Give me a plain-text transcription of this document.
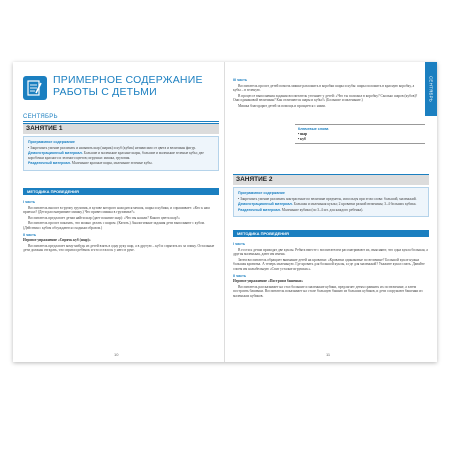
ПРИМЕРНОЕ СОДЕРЖАНИЕ РАБОТЫ С ДЕТЬМИ
СЕНТЯБРЬ
ЗАНЯТИЕ 1

Программное содержание

• Закреплять умение различать и называть шар (шарик) и куб (кубик) независимо от цвета и величины фигур.

Демонстрационный материал. Большие и маленькие красные шары, большие и маленькие зеленые кубы; две коробочки красного и зеленого цветов; игрушки: мишка, грузовик.

Раздаточный материал. Маленькие красные шары, маленькие зеленые кубы.

МЕТОДИКА ПРОВЕДЕНИЯ

I часть

Воспитатель вносит в группу грузовик, в кузове которого находятся мешок, шары и кубики, и спрашивает: «Кто к нам приехал? (Дети рассматривают мишку.) Что привез мишка в грузовике?»

Воспитатель предлагает детям найти шар (дает понятие шар): «Что вы нашли? Какого цвета шар?»

Воспитатель просит показать, что можно делать с шаром. (Катать.) Аналогичные задания дети выполняют с кубом. (Действия с кубом обсуждаются сходным образом.)

II часть

Игровое упражнение «Спрячь куб (шар)»

Воспитатель предлагает кому-нибудь из детей взять в одну руку шар, а в другую – куб и спрятать их за спину. Остальные дети должны отгадать, что спрятал ребенок и что осталось у него в руке.

10
СЕНТЯБРЬ

III часть

Воспитатель просит детей помочь мишке разложить в коробки шары и кубы: шары положить в красную коробку, а кубы – в зеленую.

В процессе выполнения задания воспитатель уточняет у детей: «Что ты положил в коробку? Сколько шаров (кубов)? Они одинаковой величины? Как отличаются шары и кубы?» (Большие и маленькие.)

Мишка благодарит детей за помощь и прощается с ними.

Ключевые слова
• шар
• куб
ЗАНЯТИЕ 2

Программное содержание

• Закреплять умение различать контрастные по величине предметы, используя при этом слова: большой, маленький.

Демонстрационный материал. Большая и маленькая куклы; 2 кроватки разной величины; 3–4 больших кубика.

Раздаточный материал. Маленькие кубики (по 3–4 шт. для каждого ребенка).

МЕТОДИКА ПРОВЕДЕНИЯ

I часть

В гости к детям приходят две куклы. Ребята вместе с воспитателем рассматривают их, выясняют, что одна кукла большая, а другая маленькая, дают им имена.

Затем воспитатель обращает внимание детей на кроватки: «Кроватки одинаковые по величине? Большой кукле нужна большая кроватка. А теперь маленькую. Где кровать для большой куклы, а где для маленькой? Укажите кукол спать. Давайте споем им колыбельную «Спят усталые игрушки»».

II часть

Игровое упражнение «Построим башенки»

Воспитатель рассказывает на стол большие и маленькие кубики, предлагает детям сравнить их по величине, а затем построить башенки. Воспитатель показывает на столе большую башню из больших кубиков, и дети сооружают башенки из маленьких кубиков.

11
